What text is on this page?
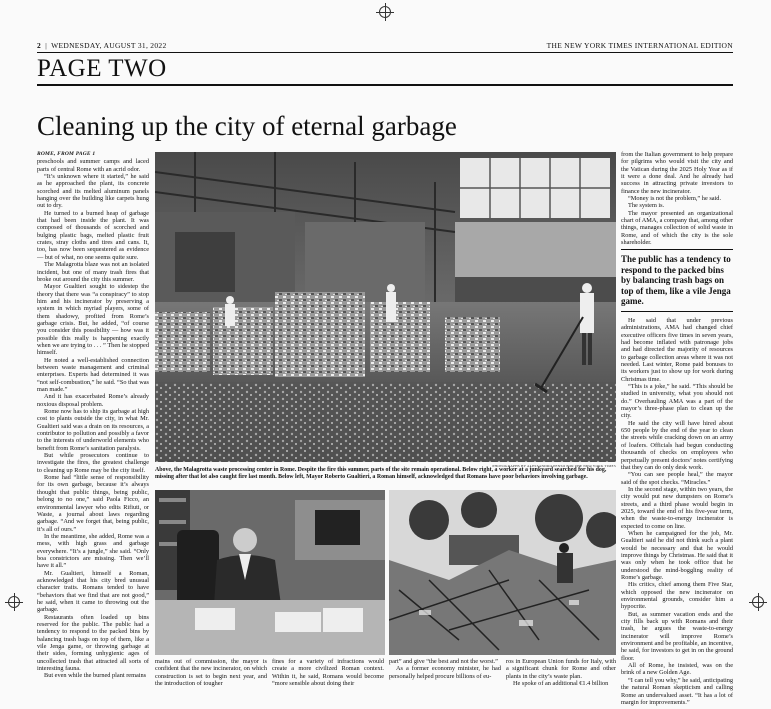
2 | WEDNESDAY, AUGUST 31, 2022	THE NEW YORK TIMES INTERNATIONAL EDITION
PAGE TWO
Cleaning up the city of eternal garbage
ROME, FROM PAGE 1

preschools and summer camps and laced parts of central Rome with an acrid odor.

“It’s unknown where it started,” he said as he approached the plant, its concrete scorched and its melted aluminum panels hanging over the building like carpets hung out to dry.

He turned to a burned heap of garbage that had been inside the plant. It was composed of thousands of scorched and bulging plastic bags, melted plastic fruit crates, stray cloths and tires and cans. It, too, has now been sequestered as evidence — but of what, no one seems quite sure.

The Malagrotta blaze was not an isolated incident, but one of many trash fires that broke out around the city this summer.

Mayor Gualtieri sought to sidestep the theory that there was “a conspiracy” to stop him and his incinerator by preserving a system in which myriad players, some of them shadowy, profited from Rome’s garbage crisis. But, he added, “of course you consider this possibility — how was it possible this really is happening exactly when we are trying to . . . ” Then he stopped himself.

He noted a well-established connection between waste management and criminal enterprises. Experts had determined it was “not self-combustion,” he said. “So that was man made.”

And it has exacerbated Rome’s already noxious disposal problem.

Rome now has to ship its garbage at high cost to plants outside the city, in what Mr. Gualtieri said was a drain on its resources, a contributor to pollution and possibly a favor to the interests of underworld elements who benefit from Rome’s sanitation paralysis.

But while prosecutors continue to investigate the fires, the greatest challenge to cleaning up Rome may be the city itself.

Rome had “little sense of responsibility for its own garbage, because it’s always thought that public things, being public, belong to no one,” said Paola Ficco, an environmental lawyer who edits Rifiuti, or Waste, a journal about laws regarding garbage. “And we forget that, being public, it’s all of ours.”

In the meantime, she added, Rome was a mess, with high grass and garbage everywhere. “It’s a jungle,” she said. “Only boa constrictors are missing. Then we’ll have it all.”

Mr. Gualtieri, himself a Roman, acknowledged that his city bred unusual character traits. Romans tended to have “behaviors that we find that are not good,” he said, when it came to throwing out the garbage.

Restaurants often loaded up bins reserved for the public. The public had a tendency to respond to the packed bins by balancing trash bags on top of them, like a vile Jenga game, or throwing garbage at their sides, forming unhygienic ages of uncollected trash that attracted all sorts of interesting fauna.

But even while the burned plant remains

PHOTOGRAPHS BY ALESSANDRO PENSO FOR THE NEW YORK TIMES
Above, the Malagrotta waste processing center in Rome. Despite the fire this summer, parts of the site remain operational. Below right, a worker at a junkyard searched for his dog, missing after that lot also caught fire last month. Below left, Mayor Roberto Gualtieri, a Roman himself, acknowledged that Romans have poor behaviors involving garbage.

mains out of commission, the mayor is confident that the new incinerator, on which construction is set to begin next year, and the introduction of tougher

fines for a variety of infractions would create a more civilized Roman context. Within it, he said, Romans would become “more sensible about doing their

part” and give “the best and not the worst.”

As a former economy minister, he had personally helped procure billions of eu-

ros in European Union funds for Italy, with a significant chunk for Rome and other plants in the city’s waste plan.

He spoke of an additional €1.4 billion

from the Italian government to help prepare for pilgrims who would visit the city and the Vatican during the 2025 Holy Year as if it were a done deal. And he already had success in attracting private investors to finance the new incinerator.

“Money is not the problem,” he said.

The system is.

The mayor presented an organizational chart of AMA, a company that, among other things, manages collection of solid waste in Rome, and of which the city is the sole shareholder.

The public has a tendency to respond to the packed bins by balancing trash bags on top of them, like a vile Jenga game.

He said that under previous administrations, AMA had changed chief executive officers five times in seven years, had become inflated with patronage jobs and had directed the majority of resources to garbage collection areas where it was not needed. Last winter, Rome paid bonuses to its workers just to show up for work during Christmas time.

“This is a joke,” he said. “This should be studied in university, what you should not do.” Overhauling AMA was a part of the mayor’s three-phase plan to clean up the city.

He said the city will have hired about 650 people by the end of the year to clean the streets while cracking down on an army of loafers. Officials had begun conducting thousands of checks on employees who perpetually present doctors’ notes certifying that they can do only desk work.

“You can see people heal,” the mayor said of the spot checks. “Miracles.”

In the second stage, within two years, the city would put new dumpsters on Rome’s streets, and a third phase would begin in 2025, toward the end of his five-year term, when the waste-to-energy incinerator is expected to come on line.

When he campaigned for the job, Mr. Gualtieri said he did not think such a plant would be necessary and that he would improve things by Christmas. He said that it was only when he took office that he understood the mind-boggling reality of Rome’s garbage.

His critics, chief among them Five Star, which opposed the new incinerator on environmental grounds, consider him a hypocrite.

But, as summer vacation ends and the city fills back up with Romans and their trash, he argues the waste-to-energy incinerator will improve Rome’s environment and be profitable, an incentive, he said, for investors to get in on the ground floor.

All of Rome, he insisted, was on the brink of a new Golden Age.

“I can tell you why,” he said, anticipating the natural Roman skepticism and calling Rome an undervalued asset. “It has a lot of margin for improvements.”
